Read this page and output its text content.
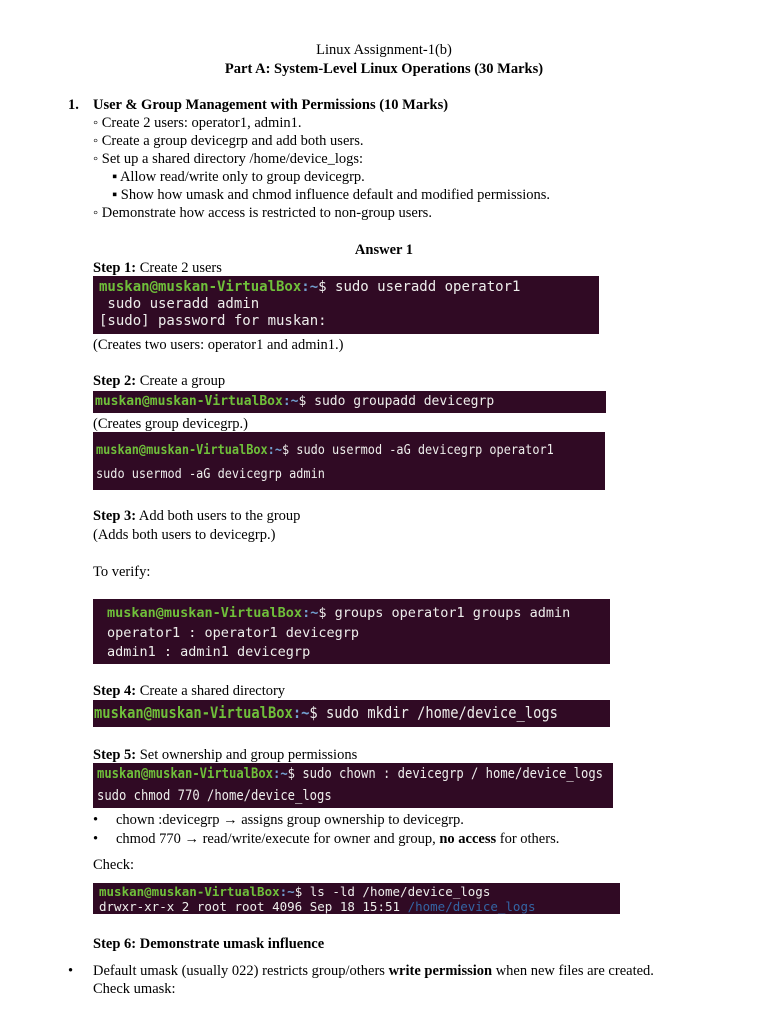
Linux Assignment-1(b)
Part A: System-Level Linux Operations (30 Marks)
1. User & Group Management with Permissions (10 Marks)
◦ Create 2 users: operator1, admin1.
◦ Create a group devicegrp and add both users.
◦ Set up a shared directory /home/device_logs:
▪ Allow read/write only to group devicegrp.
▪ Show how umask and chmod influence default and modified permissions.
◦ Demonstrate how access is restricted to non-group users.
Answer 1
Step 1: Create 2 users
muskan@muskan-VirtualBox:~$ sudo useradd operator1
sudo useradd admin
[sudo] password for muskan:
(Creates two users: operator1 and admin1.)
Step 2: Create a group
muskan@muskan-VirtualBox:~$ sudo groupadd devicegrp
(Creates group devicegrp.)
muskan@muskan-VirtualBox:~$ sudo usermod -aG devicegrp operator1
sudo usermod -aG devicegrp admin
Step 3: Add both users to the group
(Adds both users to devicegrp.)
To verify:
muskan@muskan-VirtualBox:~$ groups operator1 groups admin
operator1 : operator1 devicegrp
admin1 : admin1 devicegrp
Step 4: Create a shared directory
muskan@muskan-VirtualBox:~$ sudo mkdir /home/device_logs
Step 5: Set ownership and group permissions
muskan@muskan-VirtualBox:~$ sudo chown : devicegrp / home/device_logs
sudo chmod 770 /home/device_logs
• chown :devicegrp → assigns group ownership to devicegrp.
• chmod 770 → read/write/execute for owner and group, no access for others.
Check:
muskan@muskan-VirtualBox:~$ ls -ld /home/device_logs
drwxr-xr-x 2 root root 4096 Sep 18 15:51 /home/device_logs
Step 6: Demonstrate umask influence
• Default umask (usually 022) restricts group/others write permission when new files are created.
Check umask:
